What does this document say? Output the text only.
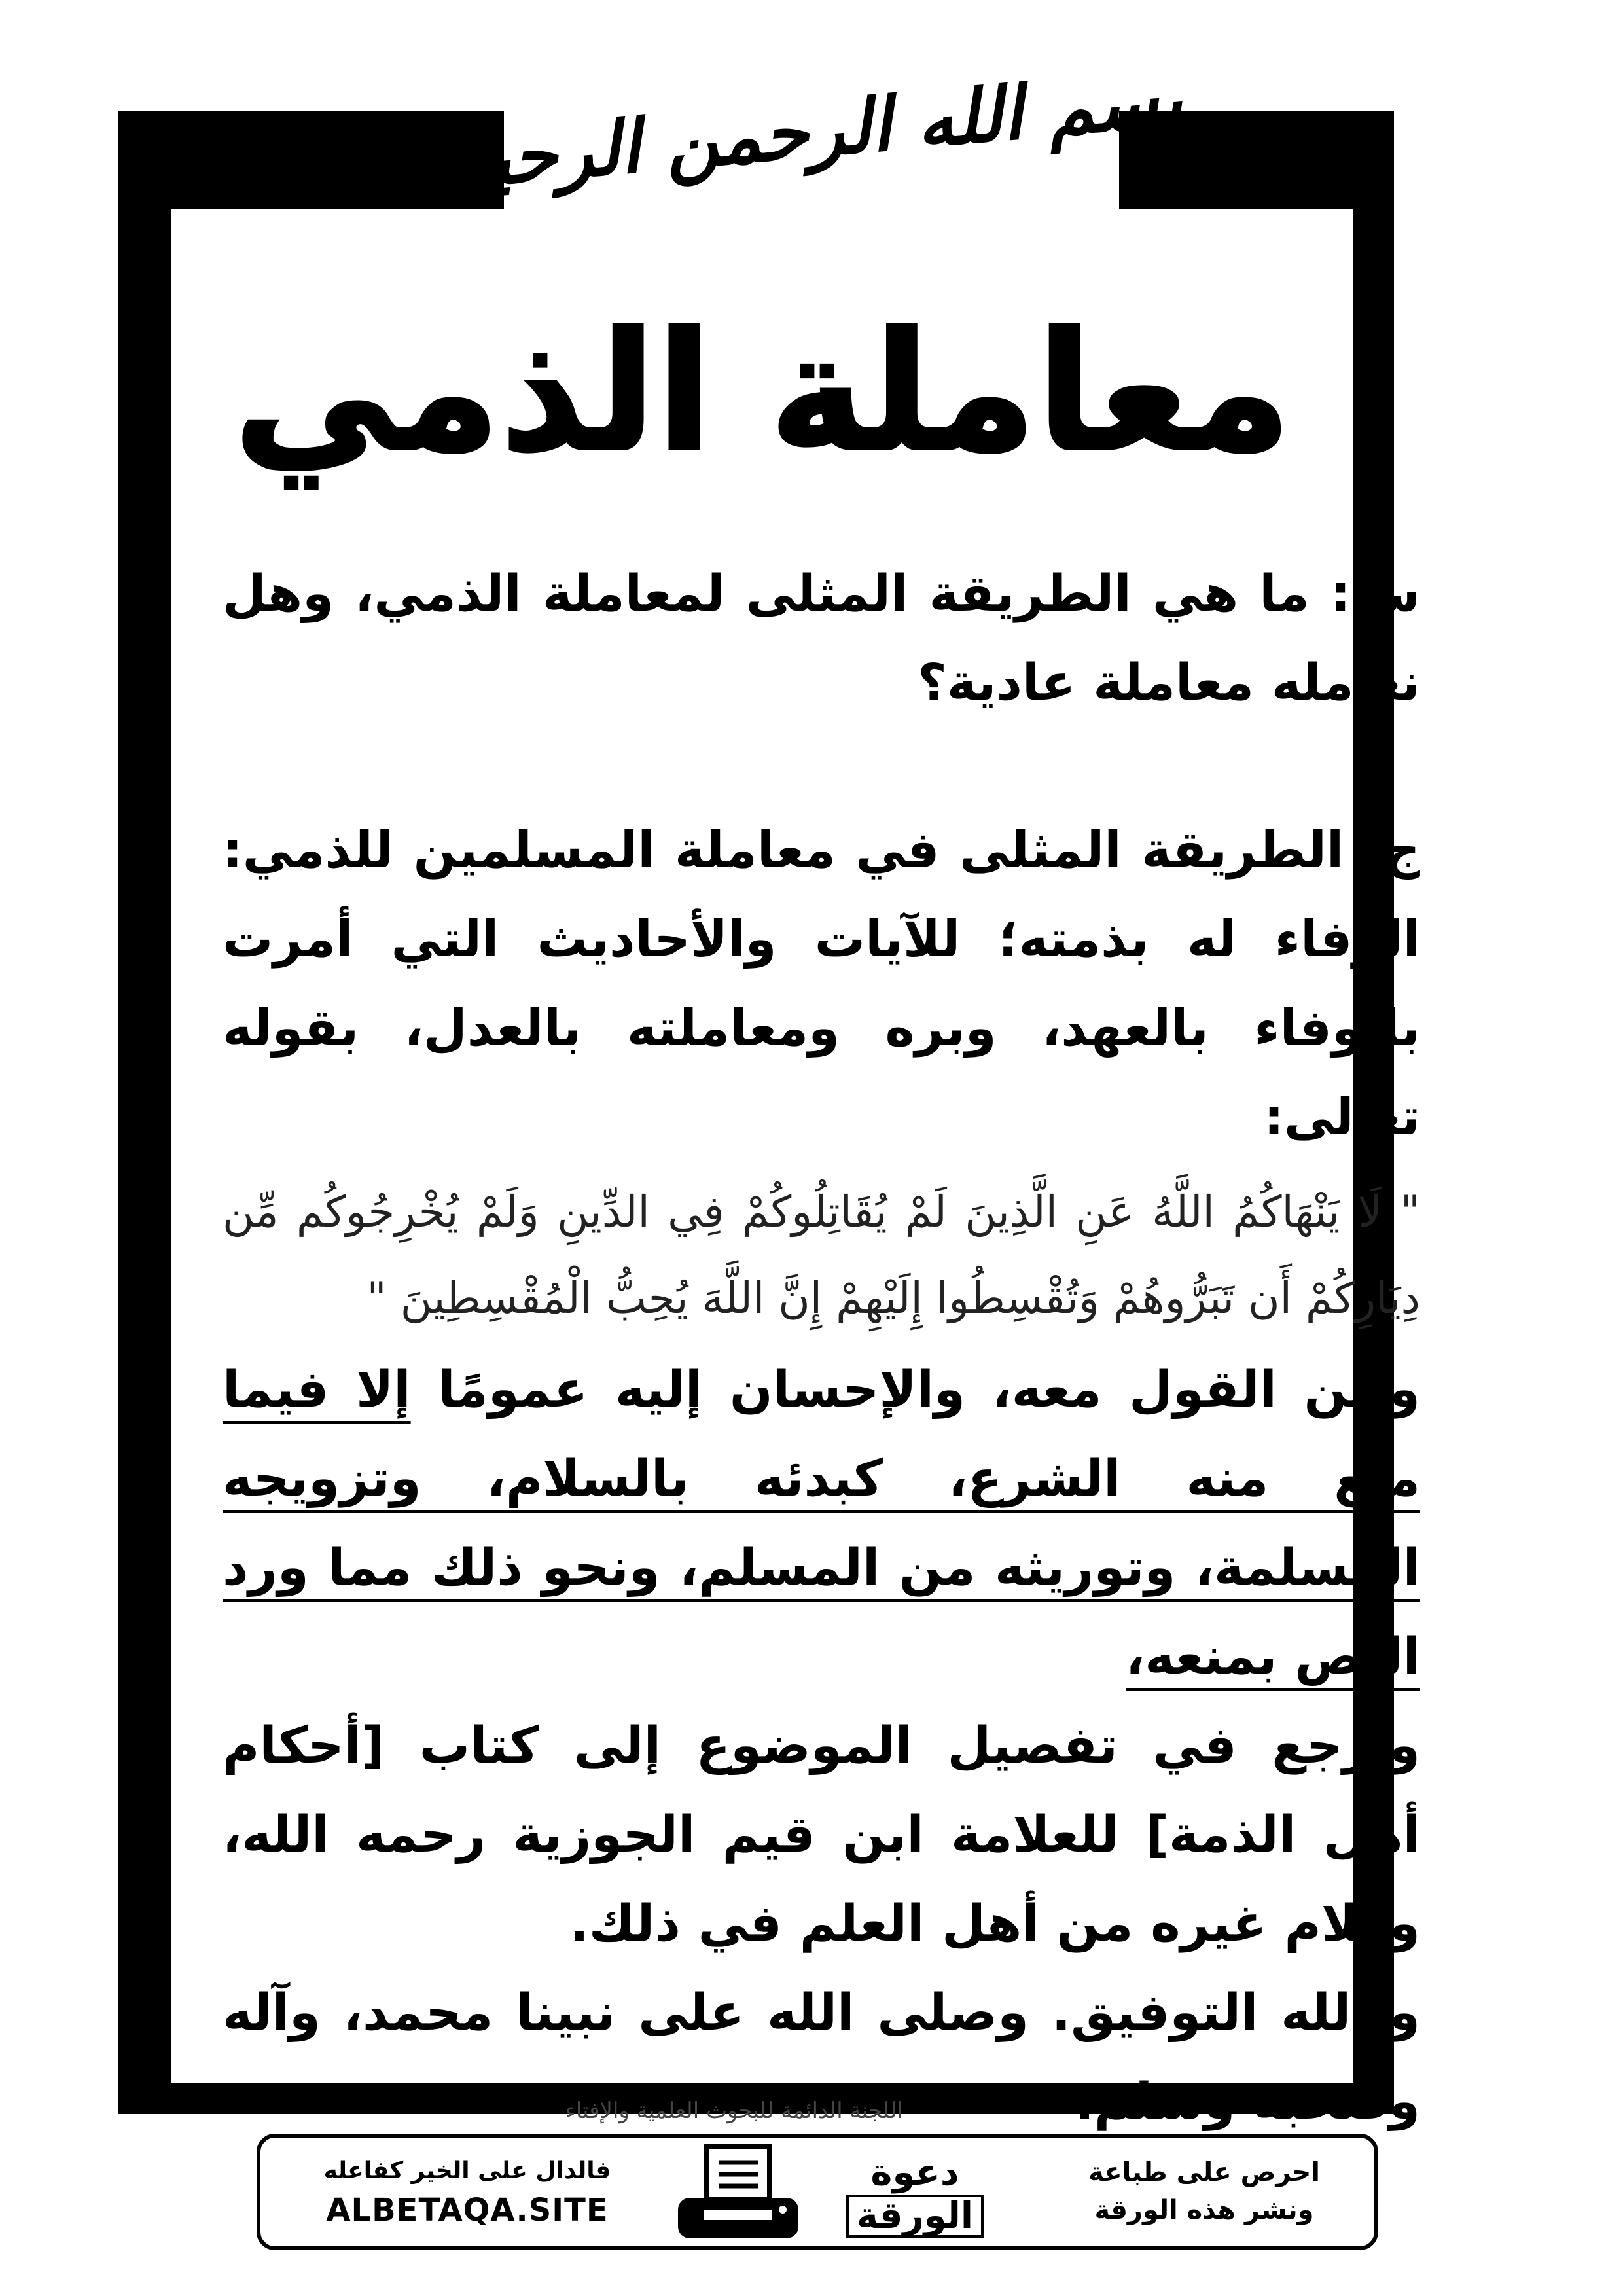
بسم الله الرحمن الرحيم
معاملة الذمي

س: ما هي الطريقة المثلى لمعاملة الذمي، وهل نعامله معاملة عادية؟

ج: الطريقة المثلى في معاملة المسلمين للذمي: الوفاء له بذمته؛ للآيات والأحاديث التي أمرت بالوفاء بالعهد، وبره ومعاملته بالعدل، بقوله تعالى:

" لَا يَنْهَاكُمُ اللَّهُ عَنِ الَّذِينَ لَمْ يُقَاتِلُوكُمْ فِي الدِّينِ وَلَمْ يُخْرِجُوكُم مِّن دِيَارِكُمْ أَن تَبَرُّوهُمْ وَتُقْسِطُوا إِلَيْهِمْ إِنَّ اللَّهَ يُحِبُّ الْمُقْسِطِينَ "

ولين القول معه، والإحسان إليه عمومًا إلا فيما منع منه الشرع، كبدئه بالسلام، وتزويجه المسلمة، وتوريثه من المسلم، ونحو ذلك مما ورد النص بمنعه،

وارجع في تفصيل الموضوع إلى كتاب [أحكام أهل الذمة] للعلامة ابن قيم الجوزية رحمه الله، وكلام غيره من أهل العلم في ذلك.

وبالله التوفيق. وصلى الله على نبينا محمد، وآله وصحبه وسلم.

اللجنة الدائمة للبحوث العلمية والإفتاء
فالدال على الخير كفاعله
ALBETAQA.SITE
دعوة
الورقة
احرص على طباعة
ونشر هذه الورقة
